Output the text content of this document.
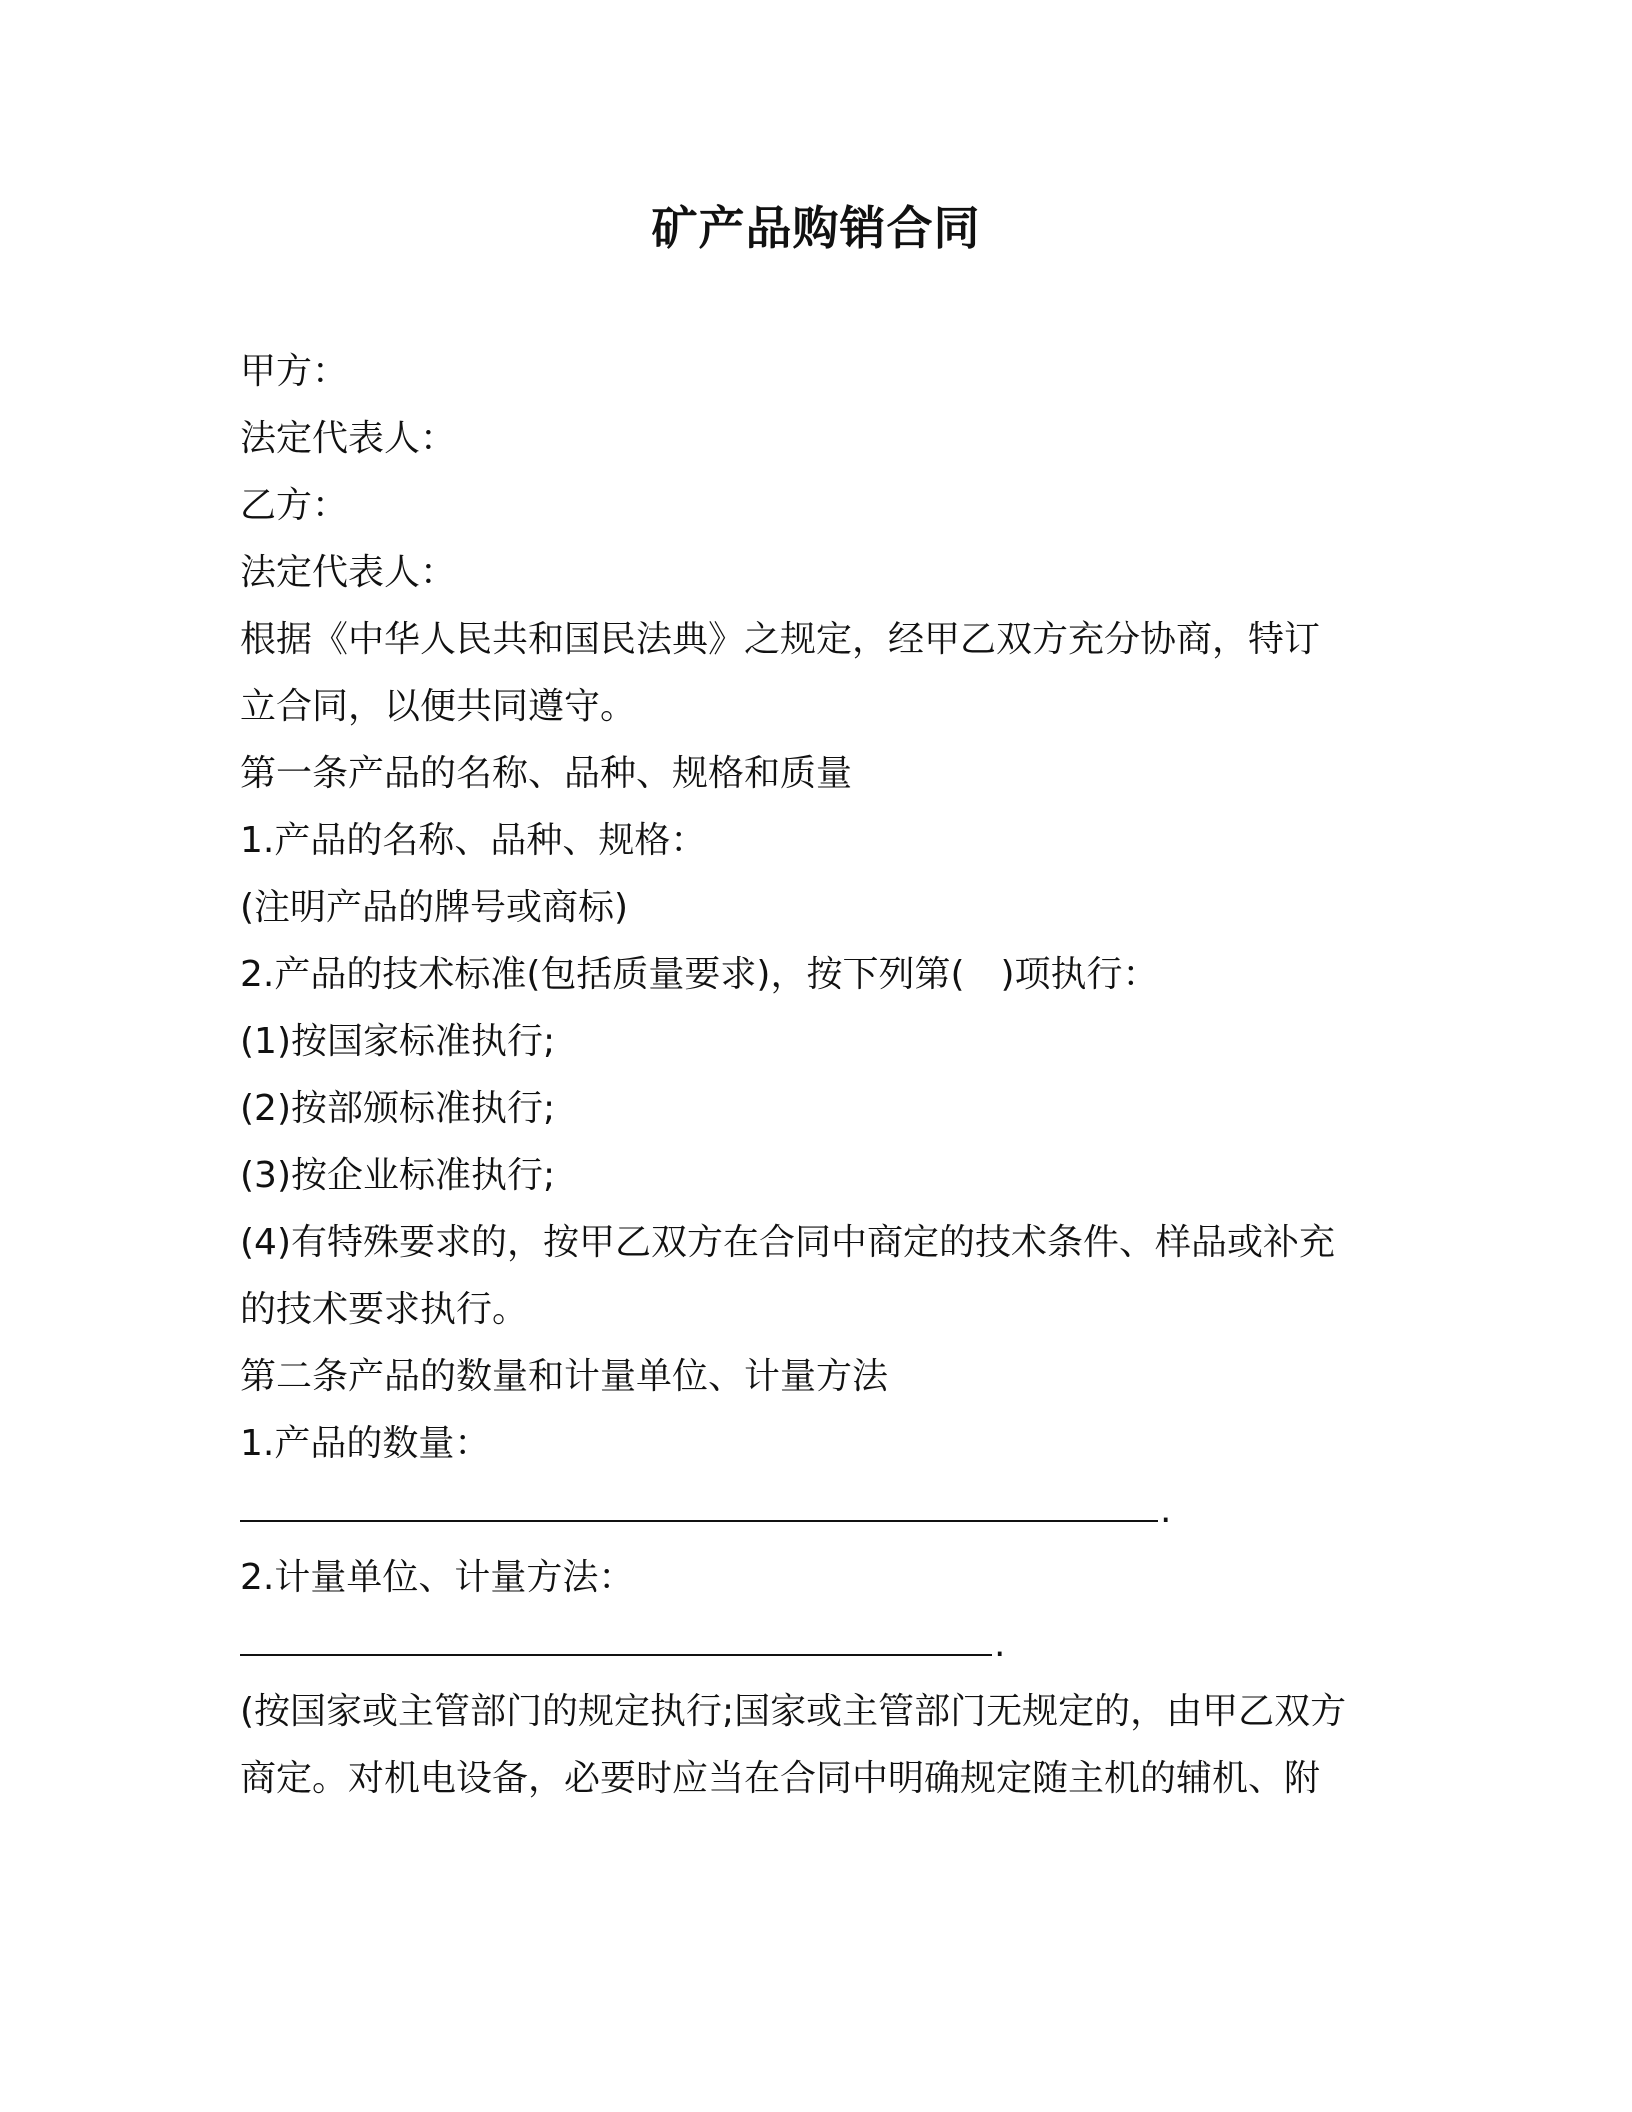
矿产品购销合同
甲方：
法定代表人：
乙方：
法定代表人：
根据《中华人民共和国民法典》之规定，经甲乙双方充分协商，特订
立合同，以便共同遵守。
第一条产品的名称、品种、规格和质量
1.产品的名称、品种、规格：
(注明产品的牌号或商标)
2.产品的技术标准(包括质量要求)，按下列第(　)项执行：
(1)按国家标准执行;
(2)按部颁标准执行;
(3)按企业标准执行;
(4)有特殊要求的，按甲乙双方在合同中商定的技术条件、样品或补充
的技术要求执行。
第二条产品的数量和计量单位、计量方法
1.产品的数量：
.
2.计量单位、计量方法：
.
(按国家或主管部门的规定执行;国家或主管部门无规定的，由甲乙双方
商定。对机电设备，必要时应当在合同中明确规定随主机的辅机、附
